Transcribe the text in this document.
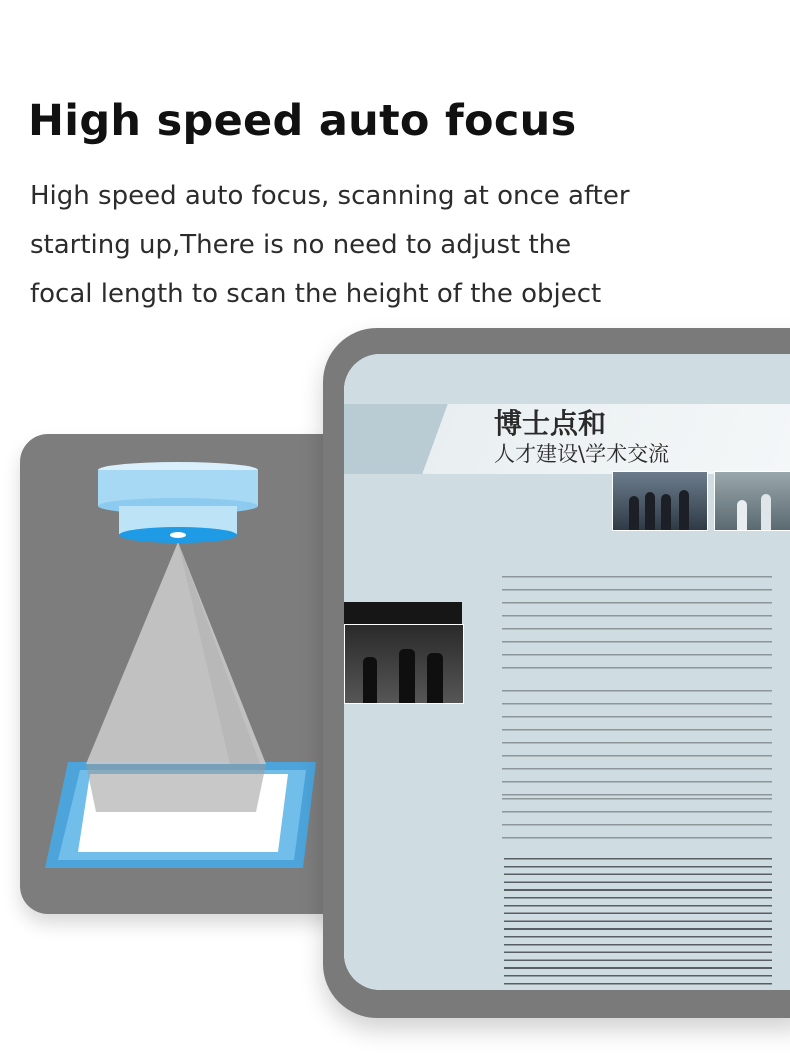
High speed auto focus
High speed auto focus, scanning at once after
starting up,There is no need to adjust the
focal length to scan the height of the object
博士点和
人才建设\学术交流
